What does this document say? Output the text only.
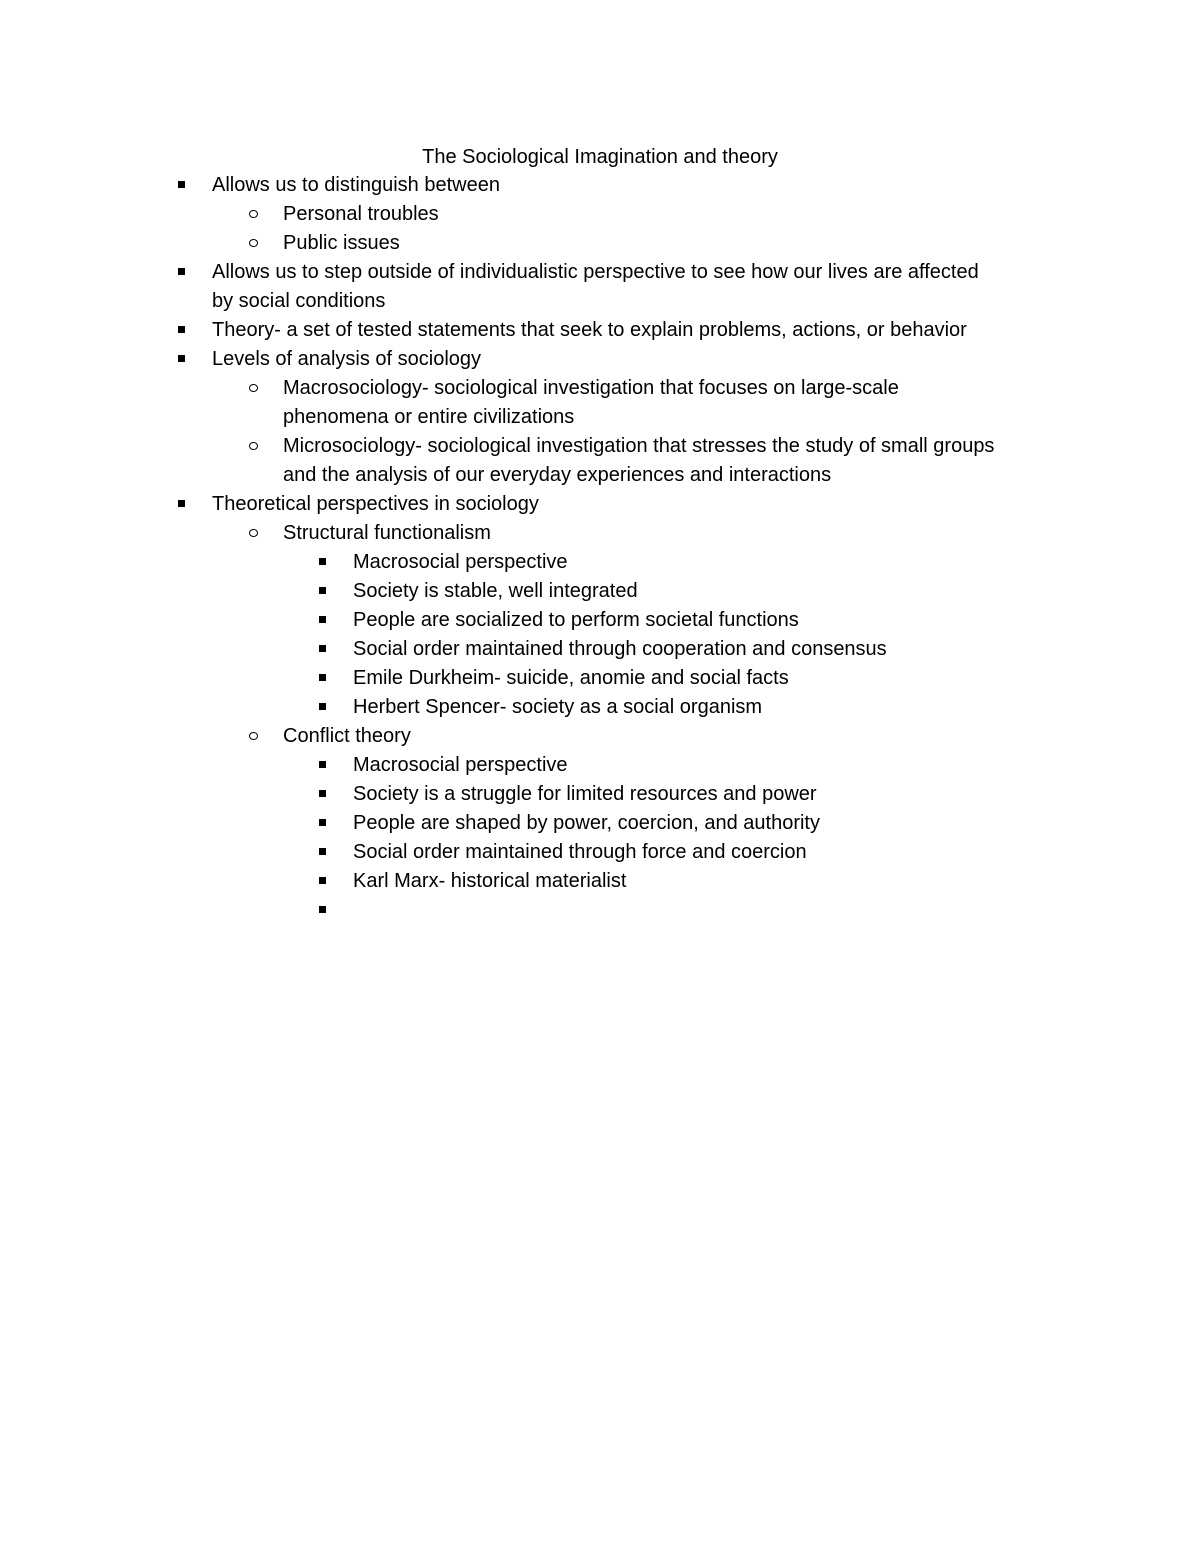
The Sociological Imagination and theory
Allows us to distinguish between
Personal troubles
Public issues
Allows us to step outside of individualistic perspective to see how our lives are affected
by social conditions
Theory- a set of tested statements that seek to explain problems, actions, or behavior
Levels of analysis of sociology
Macrosociology- sociological investigation that focuses on large-scale
phenomena or entire civilizations
Microsociology- sociological investigation that stresses the study of small groups
and the analysis of our everyday experiences and interactions
Theoretical perspectives in sociology
Structural functionalism
Macrosocial perspective
Society is stable, well integrated
People are socialized to perform societal functions
Social order maintained through cooperation and consensus
Emile Durkheim- suicide, anomie and social facts
Herbert Spencer- society as a social organism
Conflict theory
Macrosocial perspective
Society is a struggle for limited resources and power
People are shaped by power, coercion, and authority
Social order maintained through force and coercion
Karl Marx- historical materialist
